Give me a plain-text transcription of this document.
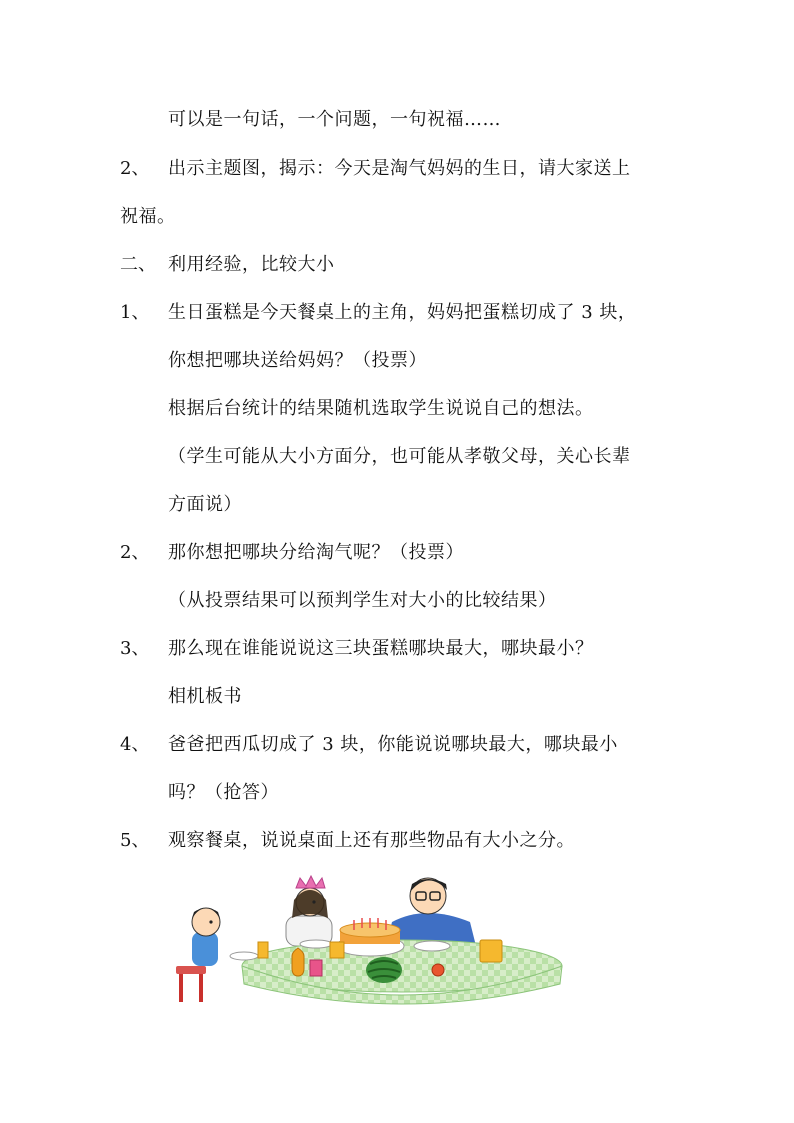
可以是一句话，一个问题，一句祝福……
2、 出示主题图，揭示：今天是淘气妈妈的生日，请大家送上
祝福。
二、 利用经验，比较大小
1、 生日蛋糕是今天餐桌上的主角，妈妈把蛋糕切成了 3 块，
你想把哪块送给妈妈？（投票）
根据后台统计的结果随机选取学生说说自己的想法。
（学生可能从大小方面分，也可能从孝敬父母，关心长辈
方面说）
2、 那你想把哪块分给淘气呢？（投票）
（从投票结果可以预判学生对大小的比较结果）
3、 那么现在谁能说说这三块蛋糕哪块最大，哪块最小？
相机板书
4、 爸爸把西瓜切成了 3 块，你能说说哪块最大，哪块最小
吗？（抢答）
5、 观察餐桌，说说桌面上还有那些物品有大小之分。
